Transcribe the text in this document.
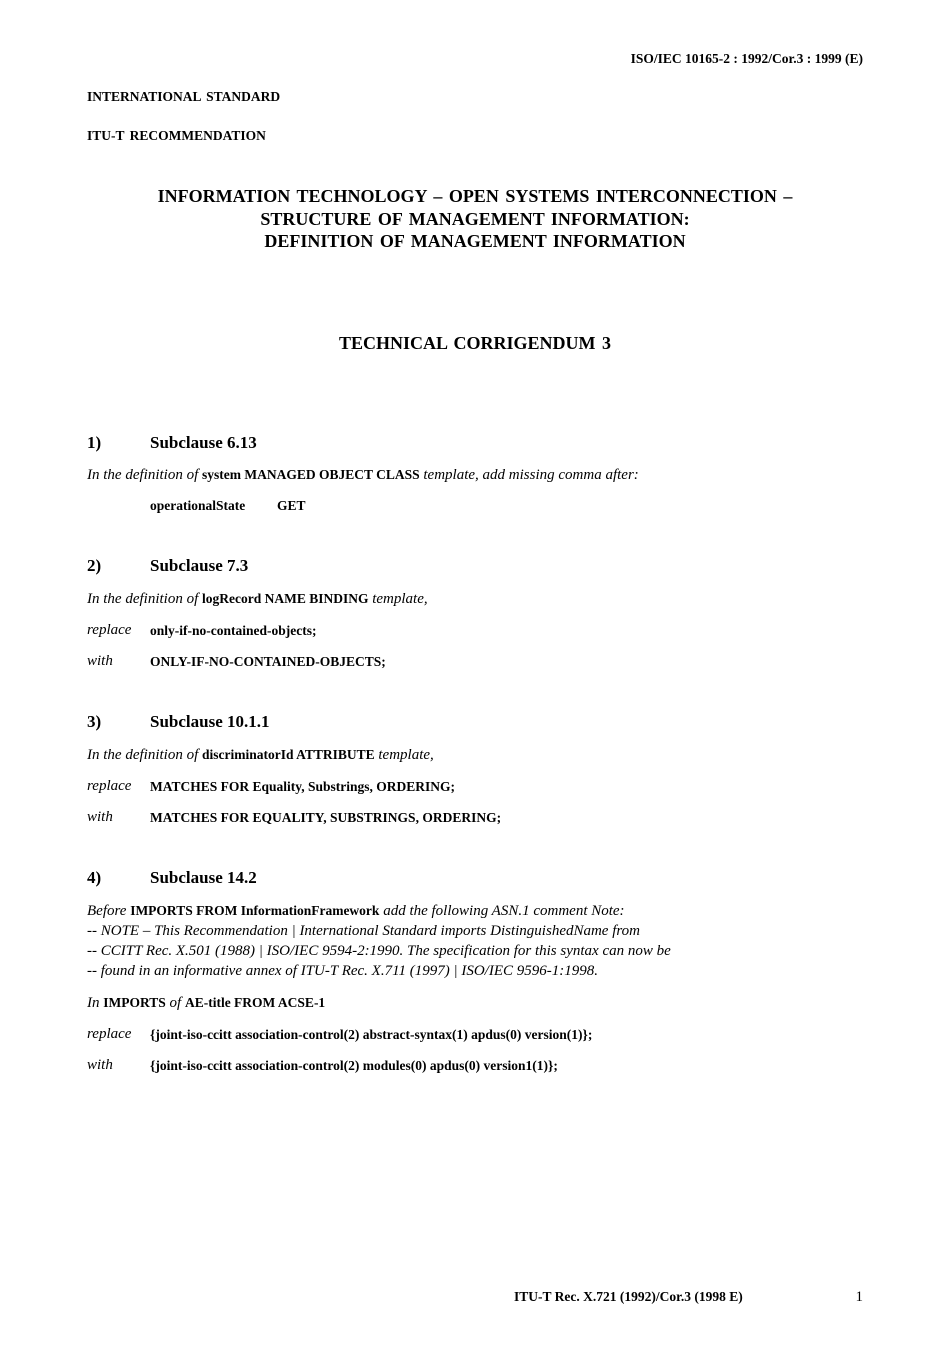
ISO/IEC 10165-2 : 1992/Cor.3 : 1999 (E)
INTERNATIONAL STANDARD
ITU-T RECOMMENDATION
INFORMATION TECHNOLOGY – OPEN SYSTEMS INTERCONNECTION –
STRUCTURE OF MANAGEMENT INFORMATION:
DEFINITION OF MANAGEMENT INFORMATION
TECHNICAL CORRIGENDUM 3
1)	Subclause 6.13
In the definition of system MANAGED OBJECT CLASS template, add missing comma after:
operationalState GET
2)	Subclause 7.3
In the definition of logRecord NAME BINDING template,
replace only-if-no-contained-objects;
with	ONLY-IF-NO-CONTAINED-OBJECTS;
3)	Subclause 10.1.1
In the definition of discriminatorId ATTRIBUTE template,
replace MATCHES FOR Equality, Substrings, ORDERING;
with	MATCHES FOR EQUALITY, SUBSTRINGS, ORDERING;
4)	Subclause 14.2
Before IMPORTS FROM InformationFramework add the following ASN.1 comment Note:
-- NOTE – This Recommendation | International Standard imports DistinguishedName from
-- CCITT Rec. X.501 (1988) | ISO/IEC 9594-2:1990. The specification for this syntax can now be
-- found in an informative annex of ITU-T Rec. X.711 (1997) | ISO/IEC 9596-1:1998.
In IMPORTS of AE-title FROM ACSE-1
replace {joint-iso-ccitt association-control(2) abstract-syntax(1) apdus(0) version(1)};
with	{joint-iso-ccitt association-control(2) modules(0) apdus(0) version1(1)};
ITU-T Rec. X.721 (1992)/Cor.3 (1998 E)	1
